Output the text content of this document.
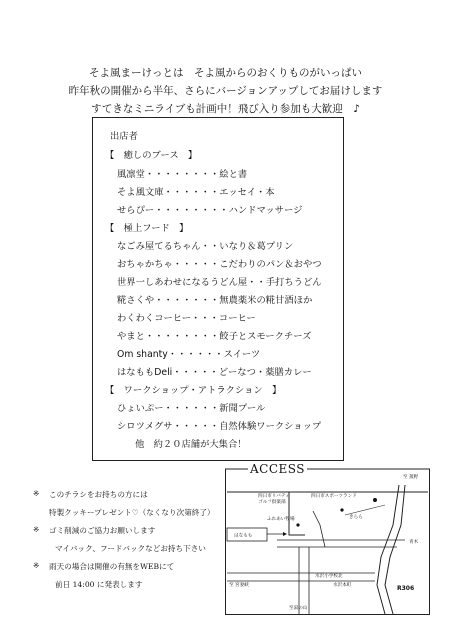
そよ風まーけっとは　そよ風からのおくりものがいっぱい
昨年秋の開催から半年、さらにバージョンアップしてお届けします
すてきなミニライブも計画中！飛び入り参加も大歓迎　♪
出店者
【　癒しのブース　】
風凛堂・・・・・・・・絵と書
そよ風文庫・・・・・・エッセイ・本
せらぴー・・・・・・・・ハンドマッサージ
【　極上フード　】
なごみ屋てるちゃん・・いなり＆葛プリン
おちゃかちゃ・・・・・こだわりのパン＆おやつ
世界一しあわせになるうどん屋・・手打ちうどん
糀さくや・・・・・・・無農薬米の糀甘酒ほか
わくわくコーヒー・・・コーヒー
やまと・・・・・・・・餃子とスモークチーズ
Om shanty・・・・・・スイーツ
はなももDeli・・・・・どーなつ・薬膳カレー
【　ワークショップ・アトラクション　】
ひょいぷー・・・・・・新聞プール
シロツメグサ・・・・・自然体験ワークショップ
他　約２０店舗が大集合！
※ このチラシをお持ちの方には
特製クッキープレゼント♡（なくなり次第終了）
※ ゴミ削減のご協力お願いします
マイバック、フードバックなどお持ち下さい
※ 雨天の場合は開催の有無をWEBにて
前日 14:00 に発表します
至 菰野
四日市リバティ
ゴルフ倶楽部
四日市スポーツランド
ふれあい牧場	きらら
はなもも
水沢小学校北
水沢本町
至 宮妻峡	R306
至湯の山
青木
ACCESS
